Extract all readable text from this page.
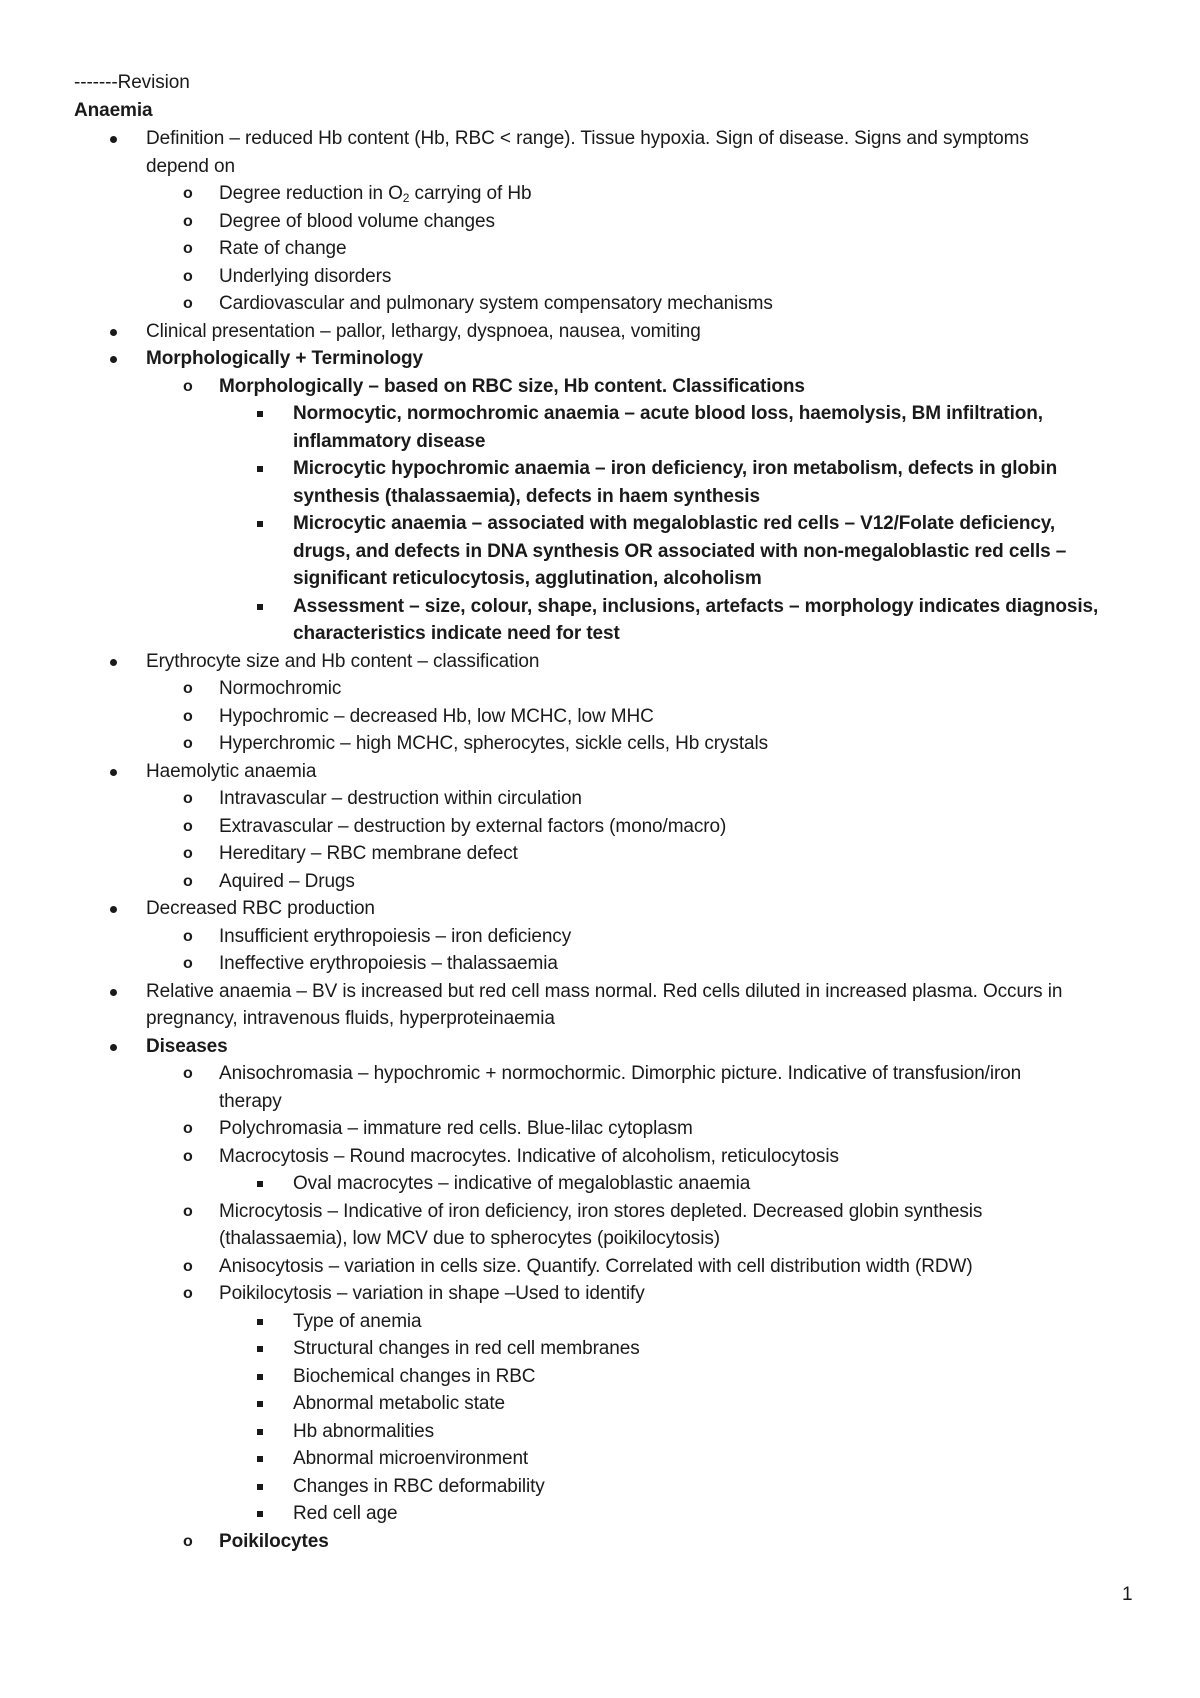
-------Revision
Anaemia
Definition – reduced Hb content (Hb, RBC < range). Tissue hypoxia. Sign of disease. Signs and symptoms
depend on
o Degree reduction in $O_2$ carrying of Hb
o Degree of blood volume changes
o Rate of change
o Underlying disorders
o Cardiovascular and pulmonary system compensatory mechanisms
Clinical presentation – pallor, lethargy, dyspnoea, nausea, vomiting
Morphologically + Terminology
o Morphologically – based on RBC size, Hb content. Classifications
Normocytic, normochromic anaemia – acute blood loss, haemolysis, BM infiltration,
inflammatory disease
Microcytic hypochromic anaemia – iron deficiency, iron metabolism, defects in globin
synthesis (thalassaemia), defects in haem synthesis
Microcytic anaemia – associated with megaloblastic red cells – V12/Folate deficiency,
drugs, and defects in DNA synthesis OR associated with non-megaloblastic red cells –
significant reticulocytosis, agglutination, alcoholism
Assessment – size, colour, shape, inclusions, artefacts – morphology indicates diagnosis,
characteristics indicate need for test
Erythrocyte size and Hb content – classification
o Normochromic
o Hypochromic – decreased Hb, low MCHC, low MHC
o Hyperchromic – high MCHC, spherocytes, sickle cells, Hb crystals
Haemolytic anaemia
o Intravascular – destruction within circulation
o Extravascular – destruction by external factors (mono/macro)
o Hereditary – RBC membrane defect
o Aquired – Drugs
Decreased RBC production
o Insufficient erythropoiesis – iron deficiency
o Ineffective erythropoiesis – thalassaemia
Relative anaemia – BV is increased but red cell mass normal. Red cells diluted in increased plasma. Occurs in
pregnancy, intravenous fluids, hyperproteinaemia
Diseases
o Anisochromasia – hypochromic + normochormic. Dimorphic picture. Indicative of transfusion/iron
therapy
o Polychromasia – immature red cells. Blue-lilac cytoplasm
o Macrocytosis – Round macrocytes. Indicative of alcoholism, reticulocytosis
Oval macrocytes – indicative of megaloblastic anaemia
o Microcytosis – Indicative of iron deficiency, iron stores depleted. Decreased globin synthesis
(thalassaemia), low MCV due to spherocytes (poikilocytosis)
o Anisocytosis – variation in cells size. Quantify. Correlated with cell distribution width (RDW)
o Poikilocytosis – variation in shape –Used to identify
Type of anemia
Structural changes in red cell membranes
Biochemical changes in RBC
Abnormal metabolic state
Hb abnormalities
Abnormal microenvironment
Changes in RBC deformability
Red cell age
o Poikilocytes
1
